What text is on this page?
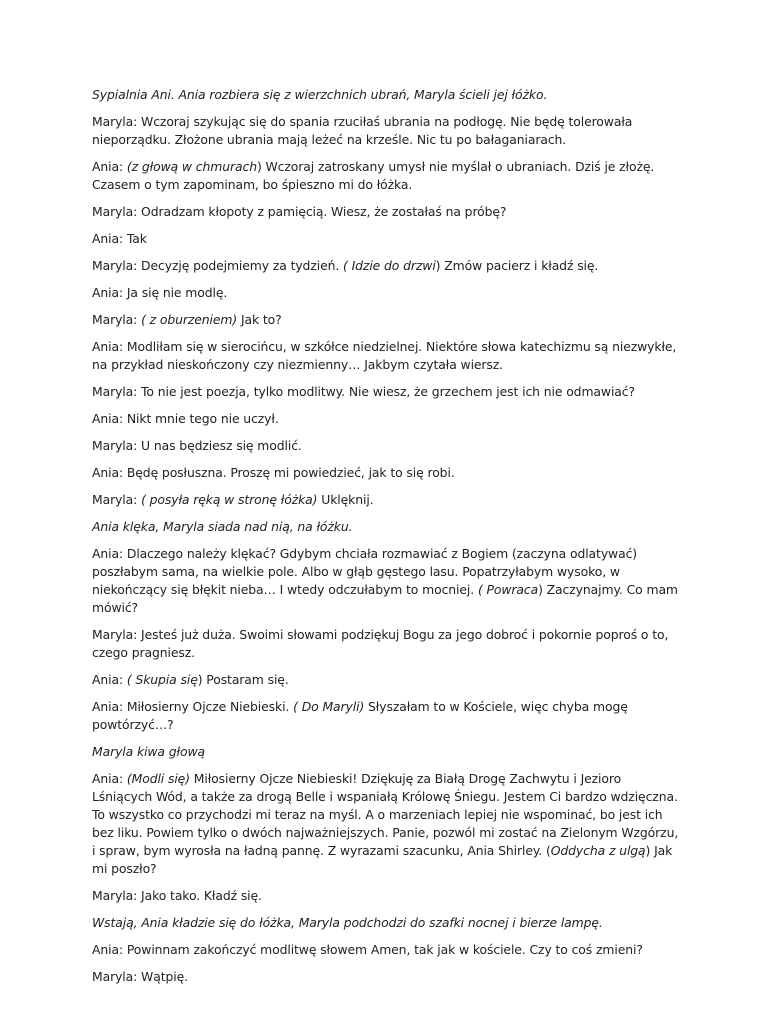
Sypialnia Ani. Ania rozbiera się z wierzchnich ubrań, Maryla ścieli jej łóżko.

Maryla: Wczoraj szykując się do spania rzuciłaś ubrania na podłogę. Nie będę tolerowała nieporządku. Złożone ubrania mają leżeć na krześle. Nic tu po bałaganiarach.

Ania: (z głową w chmurach) Wczoraj zatroskany umysł nie myślał o ubraniach. Dziś je złożę. Czasem o tym zapominam, bo śpieszno mi do łóżka.

Maryla: Odradzam kłopoty z pamięcią. Wiesz, że zostałaś na próbę?

Ania: Tak

Maryla: Decyzję podejmiemy za tydzień. ( Idzie do drzwi) Zmów pacierz i kładź się.

Ania: Ja się nie modlę.

Maryla: ( z oburzeniem) Jak to?

Ania: Modliłam się w sierocińcu, w szkółce niedzielnej. Niektóre słowa katechizmu są niezwykłe, na przykład nieskończony czy niezmienny… Jakbym czytała wiersz.

Maryla: To nie jest poezja, tylko modlitwy. Nie wiesz, że grzechem jest ich nie odmawiać?

Ania: Nikt mnie tego nie uczył.

Maryla: U nas będziesz się modlić.

Ania: Będę posłuszna. Proszę mi powiedzieć, jak to się robi.

Maryla: ( posyła ręką w stronę łóżka) Uklęknij.

Ania klęka, Maryla siada nad nią, na łóżku.

Ania: Dlaczego należy klękać? Gdybym chciała rozmawiać z Bogiem (zaczyna odlatywać) poszłabym sama, na wielkie pole. Albo w głąb gęstego lasu. Popatrzyłabym wysoko, w niekończący się błękit nieba… I wtedy odczułabym to mocniej. ( Powraca) Zaczynajmy. Co mam mówić?

Maryla: Jesteś już duża. Swoimi słowami podziękuj Bogu za jego dobroć i pokornie poproś o to, czego pragniesz.

Ania: ( Skupia się) Postaram się.

Ania: Miłosierny Ojcze Niebieski. ( Do Maryli) Słyszałam to w Kościele, więc chyba mogę powtórzyć…?

Maryla kiwa głową

Ania: (Modli się) Miłosierny Ojcze Niebieski! Dziękuję za Białą Drogę Zachwytu i Jezioro Lśniących Wód, a także za drogą Belle i wspaniałą Królowę Śniegu. Jestem Ci bardzo wdzięczna. To wszystko co przychodzi mi teraz na myśl. A o marzeniach lepiej nie wspominać, bo jest ich bez liku. Powiem tylko o dwóch najważniejszych. Panie, pozwól mi zostać na Zielonym Wzgórzu, i spraw, bym wyrosła na ładną pannę. Z wyrazami szacunku, Ania Shirley. (Oddycha z ulgą) Jak mi poszło?

Maryla: Jako tako. Kładź się.

Wstają, Ania kładzie się do łóżka, Maryla podchodzi do szafki nocnej i bierze lampę.

Ania: Powinnam zakończyć modlitwę słowem Amen, tak jak w kościele. Czy to coś zmieni?

Maryla: Wątpię.
